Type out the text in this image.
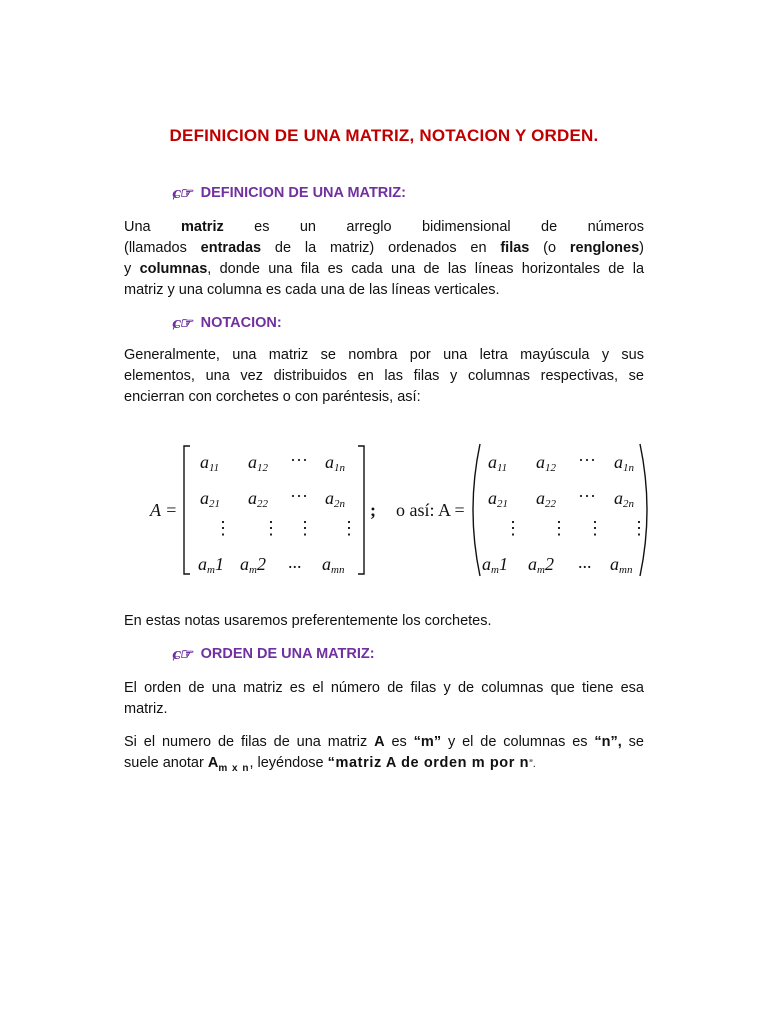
DEFINICION DE UNA MATRIZ, NOTACION Y ORDEN.
ɕ☞ DEFINICION DE UNA MATRIZ:
Una matriz es un arreglo bidimensional de números
(llamados entradas de la matriz) ordenados en filas (o renglones)
y columnas, donde una fila es cada una de las líneas horizontales de la
matriz y una columna es cada una de las líneas verticales.
ɕ☞ NOTACION:
Generalmente, una matriz se nombra por una letra mayúscula y sus
elementos, una vez distribuidos en las filas y columnas respectivas, se
encierran con corchetes o con paréntesis, así:
A =
a11 a12 ··· a1n
a21 a22 ··· a2n
⋮ ⋮ ⋮ ⋮
am1 am2 ... amn
; o así: A =
a11 a12 ··· a1n
a21 a22 ··· a2n
⋮ ⋮ ⋮ ⋮
am1 am2 ... amn
En estas notas usaremos preferentemente los corchetes.
ɕ☞ ORDEN DE UNA MATRIZ:
El orden de una matriz es el número de filas y de columnas que tiene esa
matriz.
Si el numero de filas de una matriz A es “m” y el de columnas es “n”, se
suele anotar $A_{m x n}$, leyéndose “matriz A de orden m por n”.
